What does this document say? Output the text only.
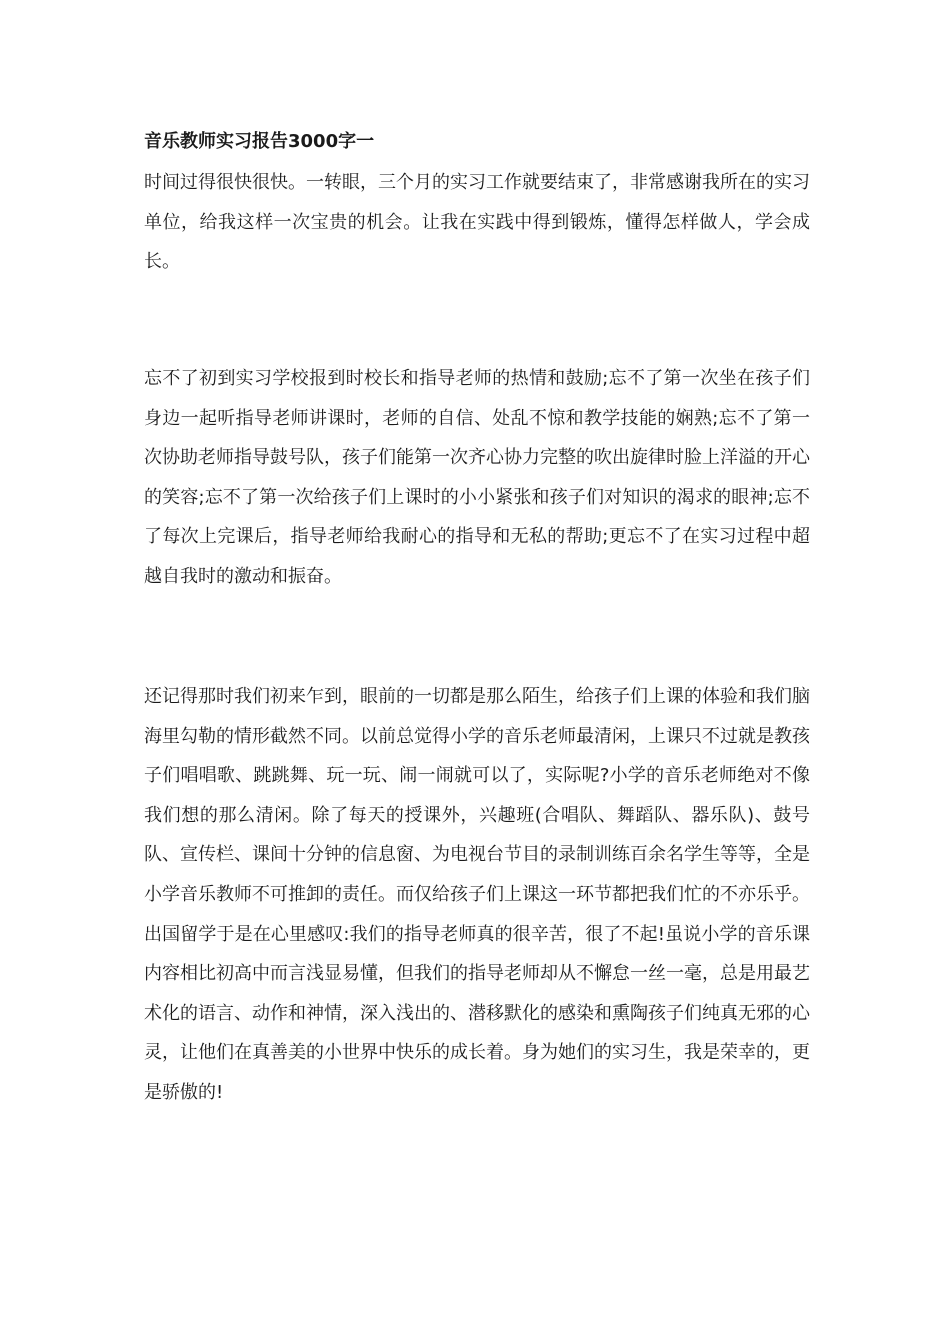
音乐教师实习报告3000字一

时间过得很快很快。一转眼，三个月的实习工作就要结束了，非常感谢我所在的实习单位，给我这样一次宝贵的机会。让我在实践中得到锻炼，懂得怎样做人，学会成长。

忘不了初到实习学校报到时校长和指导老师的热情和鼓励;忘不了第一次坐在孩子们身边一起听指导老师讲课时，老师的自信、处乱不惊和教学技能的娴熟;忘不了第一次协助老师指导鼓号队，孩子们能第一次齐心协力完整的吹出旋律时脸上洋溢的开心的笑容;忘不了第一次给孩子们上课时的小小紧张和孩子们对知识的渴求的眼神;忘不了每次上完课后，指导老师给我耐心的指导和无私的帮助;更忘不了在实习过程中超越自我时的激动和振奋。

还记得那时我们初来乍到，眼前的一切都是那么陌生，给孩子们上课的体验和我们脑海里勾勒的情形截然不同。以前总觉得小学的音乐老师最清闲，上课只不过就是教孩子们唱唱歌、跳跳舞、玩一玩、闹一闹就可以了，实际呢?小学的音乐老师绝对不像我们想的那么清闲。除了每天的授课外，兴趣班(合唱队、舞蹈队、器乐队)、鼓号队、宣传栏、课间十分钟的信息窗、为电视台节目的录制训练百余名学生等等，全是小学音乐教师不可推卸的责任。而仅给孩子们上课这一环节都把我们忙的不亦乐乎。出国留学于是在心里感叹:我们的指导老师真的很辛苦，很了不起!虽说小学的音乐课内容相比初高中而言浅显易懂，但我们的指导老师却从不懈怠一丝一毫，总是用最艺术化的语言、动作和神情，深入浅出的、潜移默化的感染和熏陶孩子们纯真无邪的心灵，让他们在真善美的小世界中快乐的成长着。身为她们的实习生，我是荣幸的，更是骄傲的!
